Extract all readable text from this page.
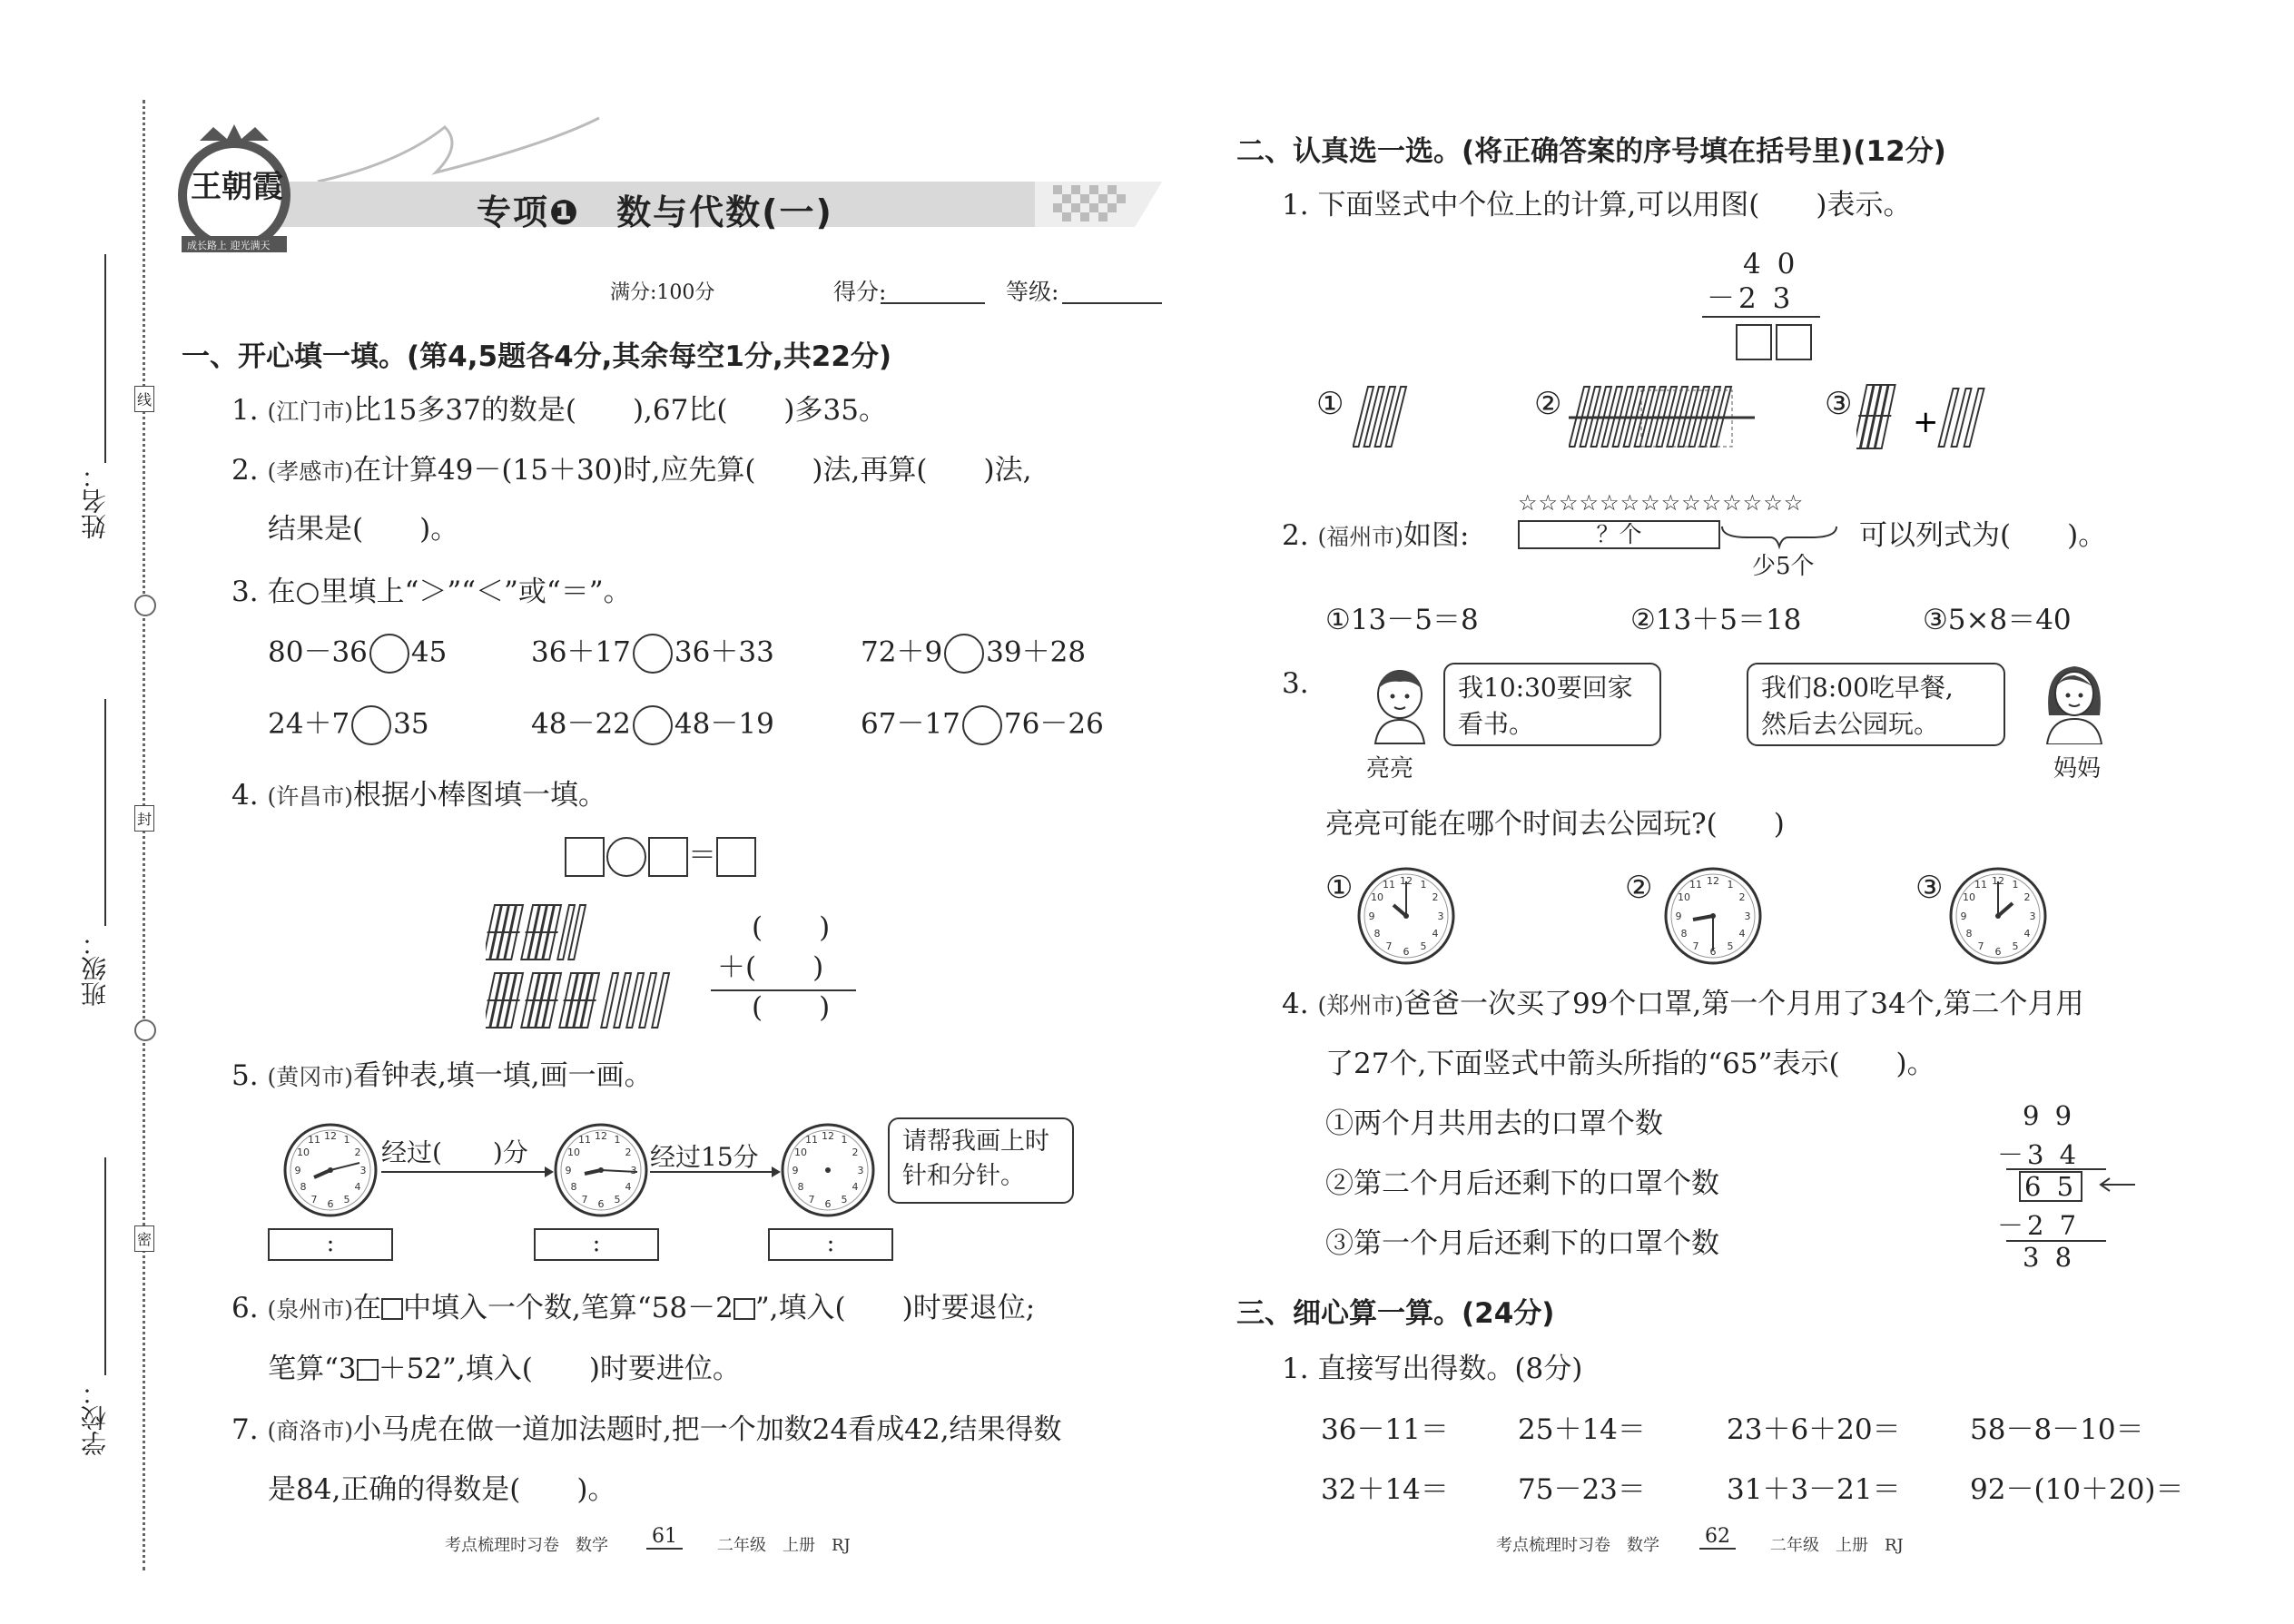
姓名：
班级：
学校：
线
封
密
王朝霞
成长路上 迎光满天
专项❶　数与代数(一)
满分:100分	得分:	等级:
一、开心填一填。(第4,5题各4分,其余每空1分,共22分)
1. (江门市)比15多37的数是(　　),67比(　　)多35。
2. (孝感市)在计算49－(15＋30)时,应先算(　　)法,再算(　　)法,
结果是(　　)。
3. 在○里填上“＞”“＜”或“＝”。
80－36 45	36＋17 36＋33	72＋9 39＋28
24＋7 35	48－22 48－19	67－17 76－26
4. (许昌市)根据小棒图填一填。
＝
(　　)
＋(　　)
(　　)
5. (黄冈市)看钟表,填一填,画一画。
经过(　　)分	经过15分
请帮我画上时
针和分针。
:	:	:
6. (泉州市)在 中填入一个数,笔算“58－2 ”,填入(　　)时要退位;
笔算“3 ＋52”,填入(　　)时要进位。
7. (商洛市)小马虎在做一道加法题时,把一个加数24看成42,结果得数
是84,正确的得数是(　　)。
二、认真选一选。(将正确答案的序号填在括号里)(12分)
1. 下面竖式中个位上的计算,可以用图(　　)表示。
4 0
－2 3
①	②	③ +
☆☆☆☆☆☆☆☆☆☆☆☆☆☆
2. (福州市)如图:	？个
少5个
可以列式为(　　)。
①13－5＝8	②13＋5＝18	③5×8＝40
3.	我10:30要回家
看书。
亮亮
我们8:00吃早餐,
然后去公园玩。
妈妈
亮亮可能在哪个时间去公园玩?(　　)
①	②	③
4. (郑州市)爸爸一次买了99个口罩,第一个月用了34个,第二个月用
了27个,下面竖式中箭头所指的“65”表示(　　)。
①两个月共用去的口罩个数
②第二个月后还剩下的口罩个数
③第一个月后还剩下的口罩个数
9 9
－3 4
6 5
－2 7
3 8
三、细心算一算。(24分)
1. 直接写出得数。(8分)
36－11＝ 25＋14＝	23＋6＋20＝ 58－8－10＝
32＋14＝ 75－23＝	31＋3－21＝ 92－(10＋20)＝
考点梳理时习卷　数学 61	二年级　上册　RJ	考点梳理时习卷　数学 62	二年级　上册　RJ
